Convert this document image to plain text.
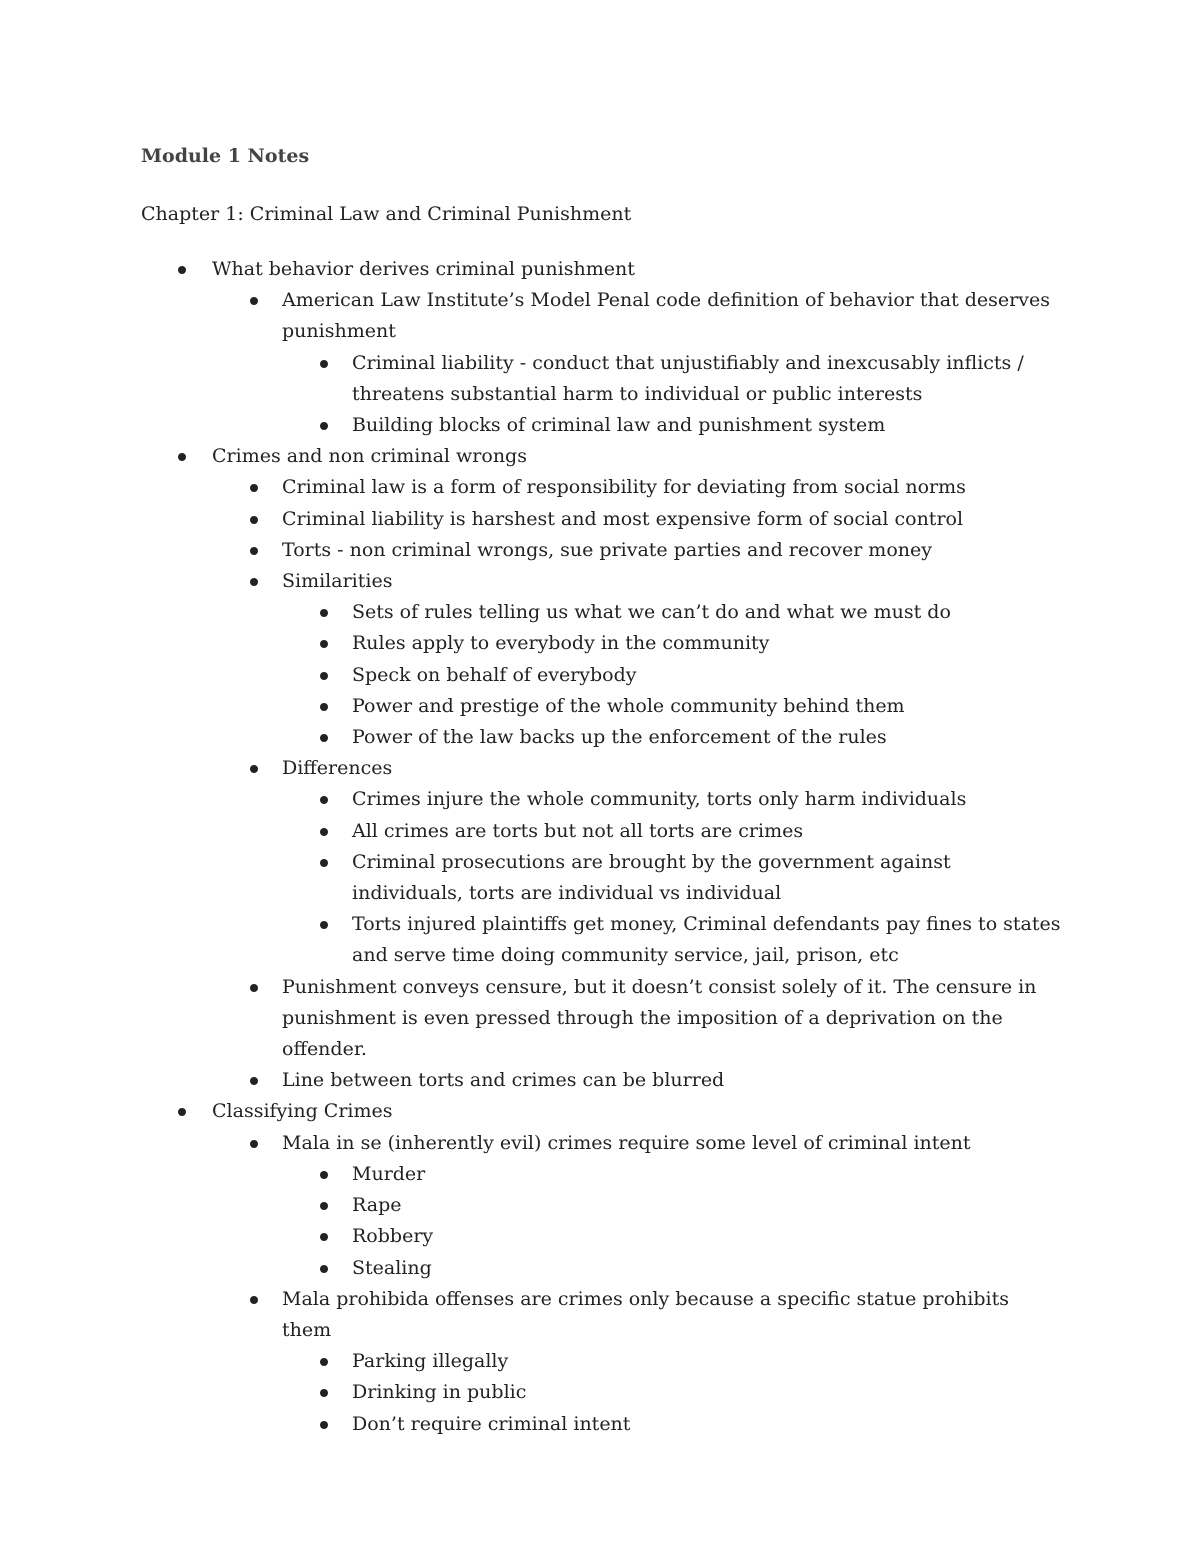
Module 1 Notes
Chapter 1: Criminal Law and Criminal Punishment
What behavior derives criminal punishment
American Law Institute’s Model Penal code definition of behavior that deserves punishment
Criminal liability - conduct that unjustifiably and inexcusably inflicts / threatens substantial harm to individual or public interests
Building blocks of criminal law and punishment system
Crimes and non criminal wrongs
Criminal law is a form of responsibility for deviating from social norms
Criminal liability is harshest and most expensive form of social control
Torts - non criminal wrongs, sue private parties and recover money
Similarities
Sets of rules telling us what we can’t do and what we must do
Rules apply to everybody in the community
Speck on behalf of everybody
Power and prestige of the whole community behind them
Power of the law backs up the enforcement of the rules
Differences
Crimes injure the whole community, torts only harm individuals
All crimes are torts but not all torts are crimes
Criminal prosecutions are brought by the government against individuals, torts are individual vs individual
Torts injured plaintiffs get money, Criminal defendants pay fines to states and serve time doing community service, jail, prison, etc
Punishment conveys censure, but it doesn’t consist solely of it. The censure in punishment is even pressed through the imposition of a deprivation on the offender.
Line between torts and crimes can be blurred
Classifying Crimes
Mala in se (inherently evil) crimes require some level of criminal intent
Murder
Rape
Robbery
Stealing
Mala prohibida offenses are crimes only because a specific statue prohibits them
Parking illegally
Drinking in public
Don’t require criminal intent
